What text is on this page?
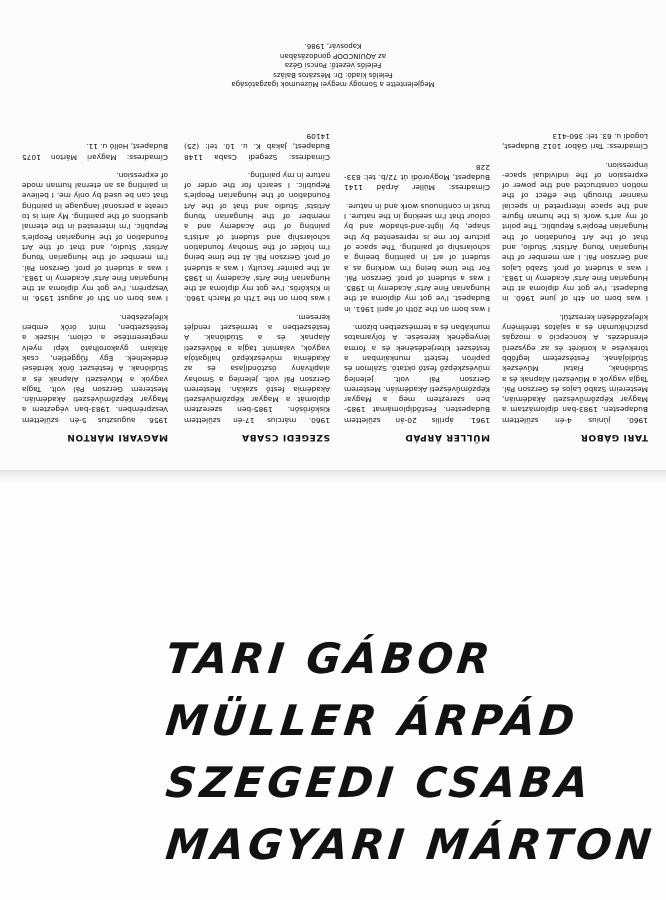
TARI GÁBOR

1960. június 4-én születtem Budapesten. 1983-ban diplomáztam a Magyar Képzőművészeti Akadémián, Mestereim Szabó Lajos és Gerzson Pál. Tagja vagyok a Művészeti Alapnak és a Stúdiónak, Fiatal Művészek Stúdiójának. Festészetem legfőbb törekvése a konkrét és az egyszerű elrendezés. A koncepció a mozgás pszichikumán és a sajátos térélmény kifejeződésén keresztül.

I was born on 4th of june 1960. in Budapest. I've got my diploma at the Hungarian Fine Arts' Academy in 1983. I was a student of prof. Szabó Lajos and Gerzson Pál. I am member of the Hungarian Young Artists' Studio, and that of the Art Foundation of the Hungarian People's Republic. The point of my art's work is the human figure and the space interpreted in special manner through the effect of the motion constructed and the power of expression of the individual space-impression.

Címadress: Tari Gábor 1012 Budapest, Logodi u. 63. tel: 360-413

MÜLLER ÁRPÁD

1961. április 20-án születtem Budapesten. Festődiplomámat 1985-ben szereztem meg a Magyar Képzőművészeti Akadémián. Mesterem Gerzson Pál volt. Jelenleg művészképző festő oktató. Szálmon és papíron festett munkáimban a festészet kiterjedésének és a forma lényegének keresése. A folyamatos munkában és a természetben bízom.

I was born on the 20th of april 1961. in Budapest. I've got my diploma at the Hungarian Fine Arts' Academy in 1985. I was a student of prof. Gerzson Pál. For the time being I'm working as a student of art in painting beeing a scholarship of painting. The space of picture for me is represented by the shape, by light-and-shadow and by colour that I'm seeking in the nature. I trust in continuous work and in nature.

Címadress: Müller Árpád 1141 Budapest, Mogyoródi út 72/b. tel: 833-228

SZEGEDI CSABA

1960. március 17-én születtem Kiskőrösön. 1985-ben szereztem diplomát a Magyar Képzőművészeti Akadémia festő szakán. Mesterem Gerzson Pál volt. Jelenleg a Smohay alapítvány ösztöndíjasa és az Akadémia művészképző hallgatója vagyok, valamint tagja a Művészeti Alapnak és a Stúdiónak. A festészetben a természet rendjét keresem.

I was born on the 17th of March 1960. in Kiskőrös. I've got my diploma at the Hungarian Fine Arts' Academy in 1985 at the painter faculty. I was a student of prof. Gerzson Pál. At the time being I'm holder of the Smohay foundation scholarship and student of artist's painting of the Academy and a member of the Hungarian Young Artists' Studio and that of the Art Foundation of the Hungarian People's Republic. I search for the order of nature in my painting.

Címadress: Szegedi Csaba 1148 Budapest, Jakab K. u. 10. tel: (25) 14109

MAGYARI MÁRTON

1956. augusztus 5-én születtem Veszprémben. 1983-ban végeztem a Magyar Képzőművészeti Akadémián. Mesterem Gerzson Pál volt. Tagja vagyok a Művészeti Alapnak és a Stúdiónak. A festészet örök kérdései érdekelnek. Egy független, csak általam gyakorolható képi nyelv megteremtése a célom. Hiszek a festészetben, mint örök emberi kifejezésben.

I was born on 5th of august 1956. in Veszprém. I've got my diploma at the Hungarian Fine Arts' Academy in 1983. I was a student of prof. Gerzson Pál. I'm member of the Hungarian Young Artists' Studio, and that of the Art Foundation of the Hungarian People's Republic. I'm interested in the eternal questions of the painting. My aim is to create a personal language in painting that can be used by only me. I believe in painting as an eternal human mode of expression.

Címadress: Magyari Márton 1075 Budapest, Holló u. 11.

Megjelentette a Somogy megyei Múzeumok Igazgatósága
Felelős kiadó: Dr. Mészáros Balázs
Felelős vezető: Poncsi Géza
az AQUINCOOP gondozásában
Kaposvár, 1986.
TARI GÁBOR
MÜLLER ÁRPÁD
SZEGEDI CSABA
MAGYARI MÁRTON
